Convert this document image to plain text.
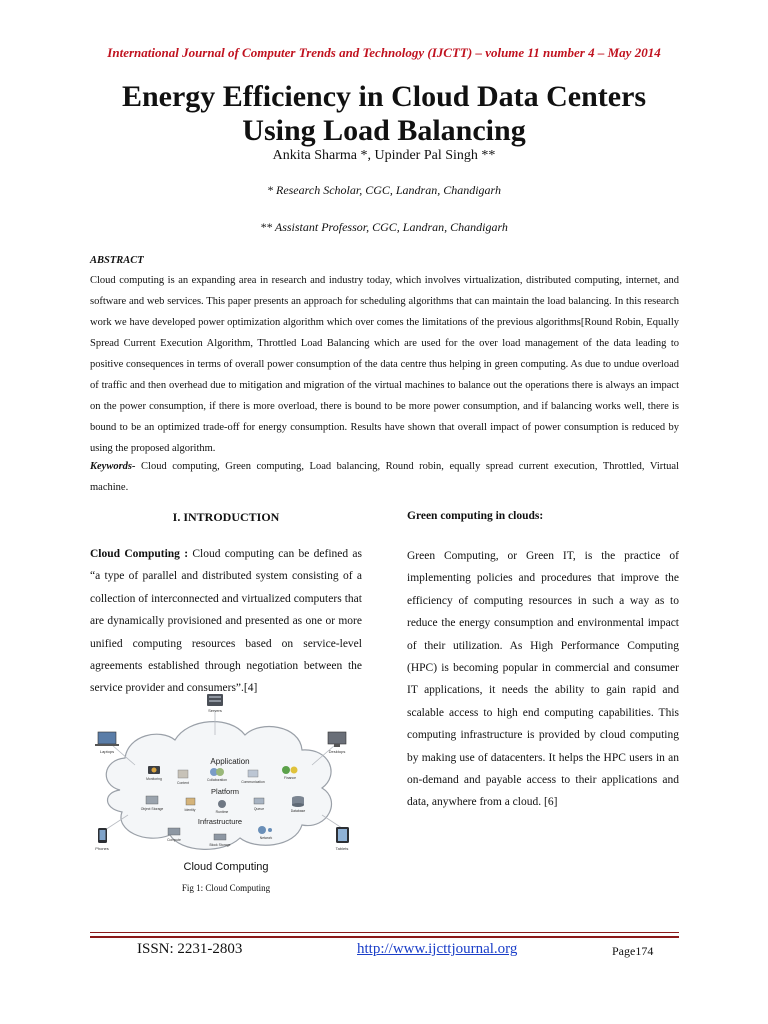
International Journal of Computer Trends and Technology (IJCTT) – volume 11 number 4 – May 2014
Energy Efficiency in Cloud Data Centers
Using Load Balancing
Ankita Sharma *, Upinder Pal Singh **
* Research Scholar, CGC, Landran, Chandigarh
** Assistant Professor, CGC, Landran, Chandigarh
ABSTRACT

Cloud computing is an expanding area in research and industry today, which involves virtualization, distributed computing, internet, and software and web services. This paper presents an approach for scheduling algorithms that can maintain the load balancing. In this research work we have developed power optimization algorithm which over comes the limitations of the previous algorithms[Round Robin, Equally Spread Current Execution Algorithm, Throttled Load Balancing which are used for the over load management of the data leading to positive consequences in terms of overall power consumption of the data centre thus helping in green computing. As due to undue overload of traffic and then overhead due to mitigation and migration of the virtual machines to balance out the operations there is always an impact on the power consumption, if there is more overload, there is bound to be more power consumption, and if balancing works well, there is bound to be an optimized trade-off for energy consumption. Results have shown that overall impact of power consumption is reduced by using the proposed algorithm.

Keywords- Cloud computing, Green computing, Load balancing, Round robin, equally spread current execution, Throttled, Virtual machine.

I. INTRODUCTION

Cloud Computing : Cloud computing can be defined as “a type of parallel and distributed system consisting of a collection of interconnected and virtualized computers that are dynamically provisioned and presented as one or more unified computing resources based on service-level agreements established through negotiation between the service provider and consumers”.[4]

Servers
Laptops	Desktops
Phones	Tablets
Application
Platform
Infrastructure
Monitoring
Content
Collaboration	Communication
Finance
Object Storage	Identity	Runtime
Queue	Database
Compute
Block Storage
Network
Cloud Computing
Fig 1: Cloud Computing
Green computing in clouds:

Green Computing, or Green IT, is the practice of implementing policies and procedures that improve the efficiency of computing resources in such a way as to reduce the energy consumption and environmental impact of their utilization. As High Performance Computing (HPC) is becoming popular in commercial and consumer IT applications, it needs the ability to gain rapid and scalable access to high end computing capabilities. This computing infrastructure is provided by cloud computing by making use of datacenters. It helps the HPC users in an on-demand and payable access to their applications and data, anywhere from a cloud. [6]

ISSN: 2231-2803	http://www.ijcttjournal.org	Page174
